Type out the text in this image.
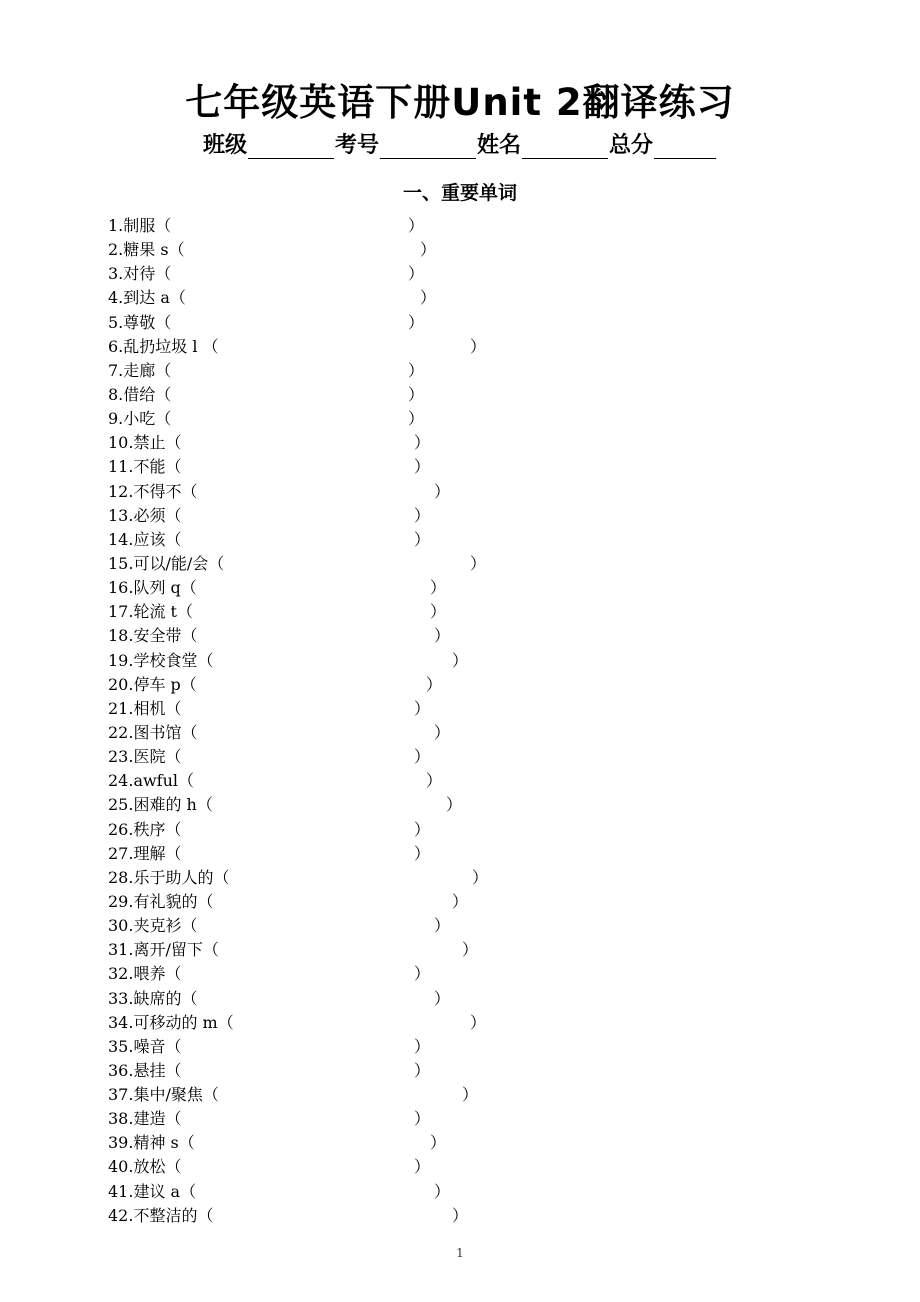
七年级英语下册Unit 2翻译练习
班级	考号	姓名	总分
一、重要单词
1.制服（	）
2.糖果 s（	）
3.对待（	）
4.到达 a（	）
5.尊敬（	）
6.乱扔垃圾 l （	）
7.走廊（	）
8.借给（	）
9.小吃（	）
10.禁止（	）
11.不能（	）
12.不得不（	）
13.必须（	）
14.应该（	）
15.可以/能/会（	）
16.队列 q（	）
17.轮流 t（	）
18.安全带（	）
19.学校食堂（	）
20.停车 p（	）
21.相机（	）
22.图书馆（	）
23.医院（	）
24.awful（	）
25.困难的 h（	）
26.秩序（	）
27.理解（	）
28.乐于助人的（	）
29.有礼貌的（	）
30.夹克衫（	）
31.离开/留下（	）
32.喂养（	）
33.缺席的（	）
34.可移动的 m（	）
35.噪音（	）
36.悬挂（	）
37.集中/聚焦（	）
38.建造（	）
39.精神 s（	）
40.放松（	）
41.建议 a（	）
42.不整洁的（	）
1
